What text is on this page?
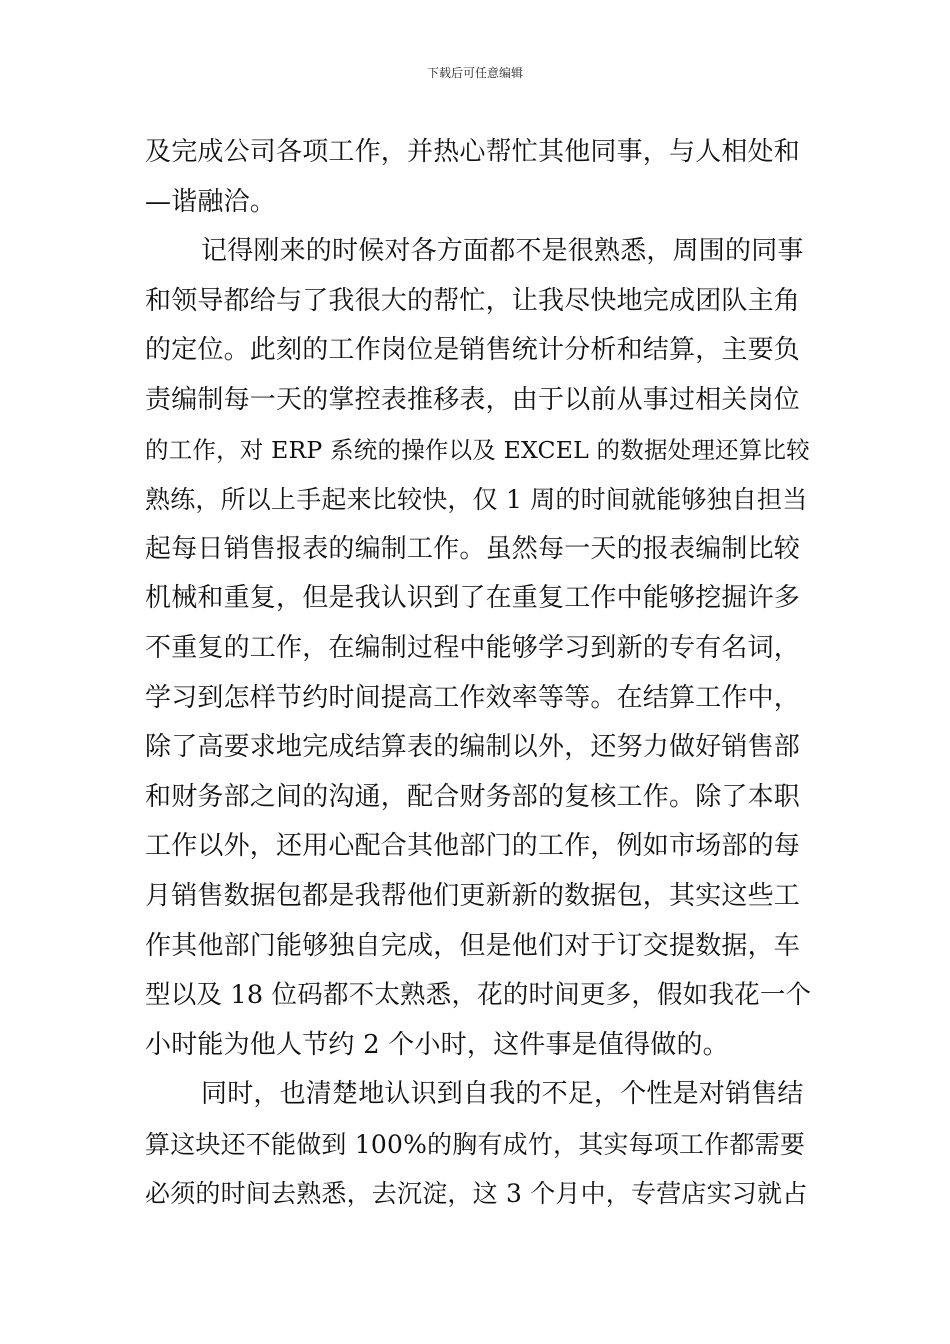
下载后可任意编辑
及完成公司各项工作，并热心帮忙其他同事，与人相处和
—谐融洽。
记得刚来的时候对各方面都不是很熟悉，周围的同事
和领导都给与了我很大的帮忙，让我尽快地完成团队主角
的定位。此刻的工作岗位是销售统计分析和结算，主要负
责编制每一天的掌控表推移表，由于以前从事过相关岗位
的工作，对 ERP 系统的操作以及 EXCEL 的数据处理还算比较
熟练，所以上手起来比较快，仅 1 周的时间就能够独自担当
起每日销售报表的编制工作。虽然每一天的报表编制比较
机械和重复，但是我认识到了在重复工作中能够挖掘许多
不重复的工作，在编制过程中能够学习到新的专有名词，
学习到怎样节约时间提高工作效率等等。在结算工作中，
除了高要求地完成结算表的编制以外，还努力做好销售部
和财务部之间的沟通，配合财务部的复核工作。除了本职
工作以外，还用心配合其他部门的工作，例如市场部的每
月销售数据包都是我帮他们更新新的数据包，其实这些工
作其他部门能够独自完成，但是他们对于订交提数据，车
型以及 18 位码都不太熟悉，花的时间更多，假如我花一个
小时能为他人节约 2 个小时，这件事是值得做的。
同时，也清楚地认识到自我的不足，个性是对销售结
算这块还不能做到 100%的胸有成竹，其实每项工作都需要
必须的时间去熟悉，去沉淀，这 3 个月中，专营店实习就占
